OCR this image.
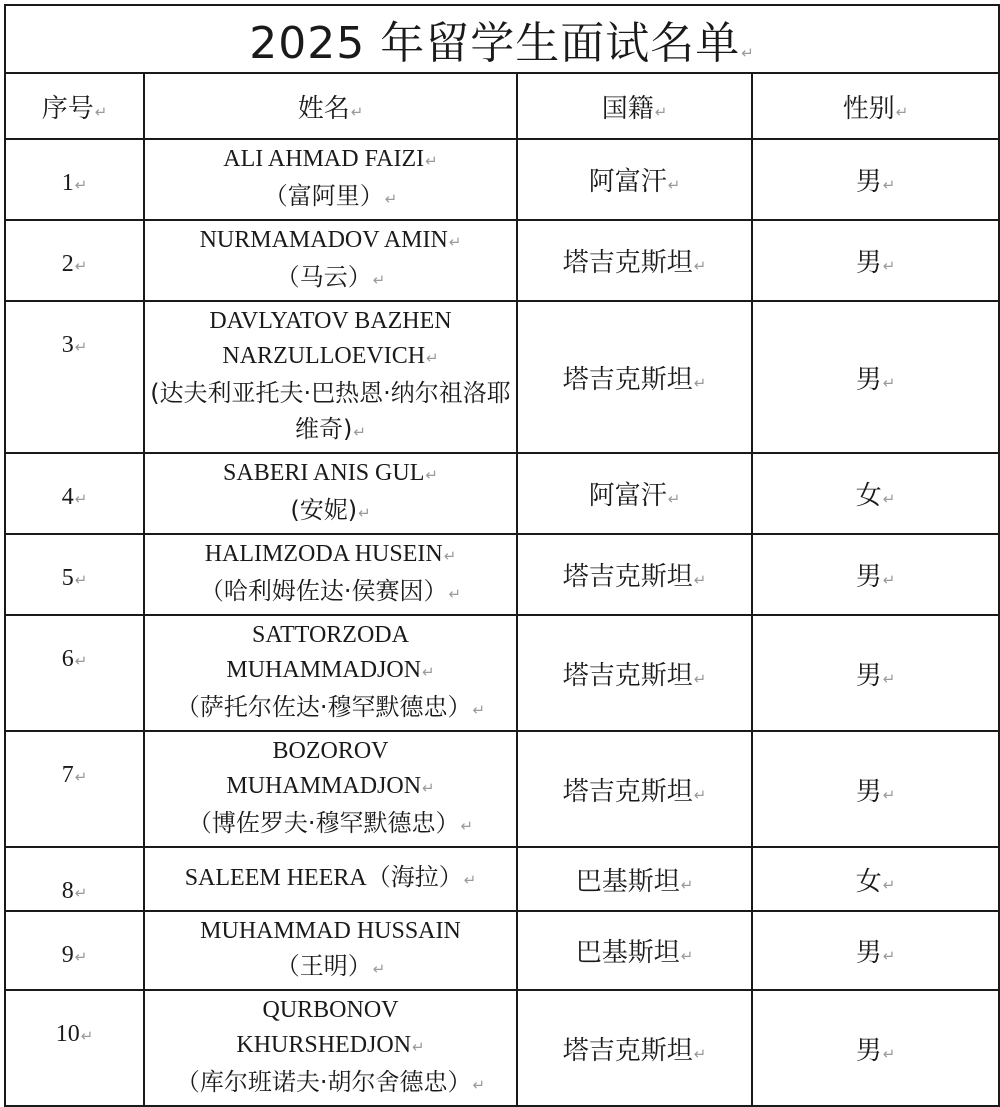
2025 年留学生面试名单↵			
序号↵	姓名↵	国籍↵	性别↵
1↵	ALI AHMAD FAIZI↵
（富阿里）↵	阿富汗↵	男↵
2↵	NURMAMADOV AMIN↵
（马云）↵	塔吉克斯坦↵	男↵
3↵	DAVLYATOV BAZHEN
NARZULLOEVICH↵
(达夫利亚托夫·巴热恩·纳尔祖洛耶维奇)↵	塔吉克斯坦↵	男↵
4↵	SABERI ANIS GUL↵
(安妮)↵	阿富汗↵	女↵
5↵	HALIMZODA HUSEIN↵
（哈利姆佐达·侯赛因）↵	塔吉克斯坦↵	男↵
6↵	SATTORZODA
MUHAMMADJON↵
（萨托尔佐达·穆罕默德忠）↵	塔吉克斯坦↵	男↵
7↵	BOZOROV
MUHAMMADJON↵
（博佐罗夫·穆罕默德忠）↵	塔吉克斯坦↵	男↵
8↵	SALEEM HEERA（海拉）↵	巴基斯坦↵	女↵
9↵	MUHAMMAD HUSSAIN
（王明）↵	巴基斯坦↵	男↵
10↵	QURBONOV
KHURSHEDJON↵
（库尔班诺夫·胡尔舍德忠）↵	塔吉克斯坦↵	男↵
